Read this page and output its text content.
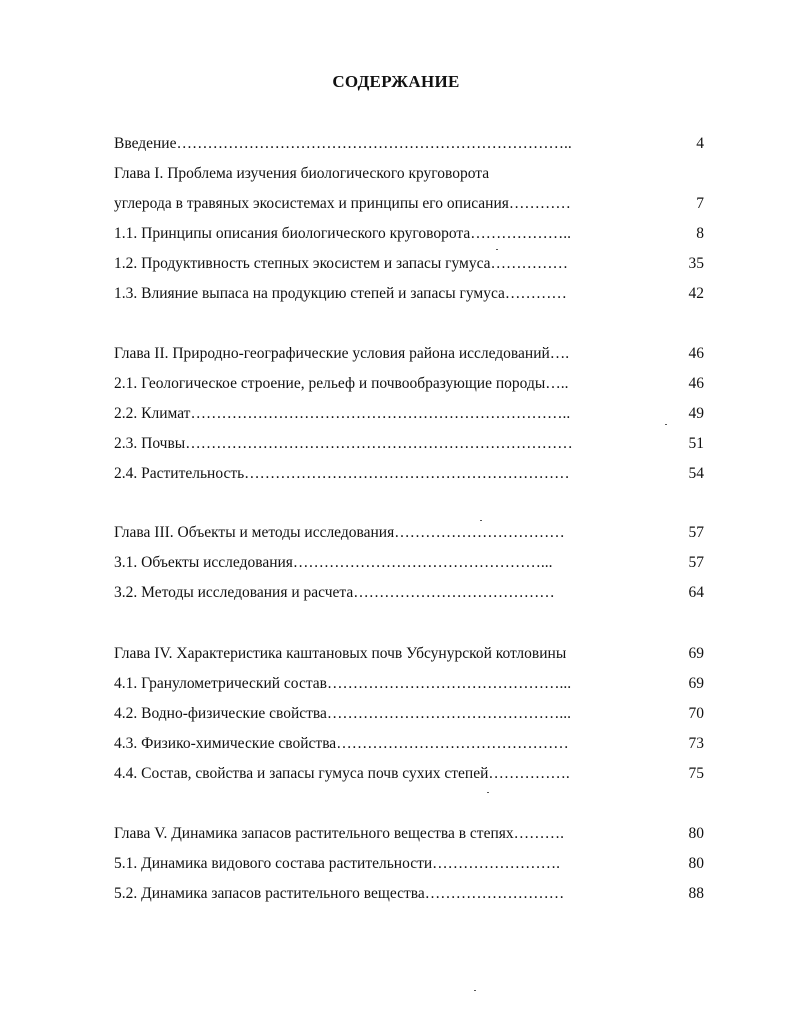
СОДЕРЖАНИЕ
Введение…………………………………………………………………..	4
Глава I. Проблема изучения биологического круговорота
углерода в травяных экосистемах и принципы его описания…………	7
1.1. Принципы описания биологического круговорота………………..	8
1.2. Продуктивность степных экосистем и запасы гумуса……………	35
1.3. Влияние выпаса на продукцию степей и запасы гумуса…………	42
Глава II. Природно-географические условия района исследований….	46
2.1. Геологическое строение, рельеф и почвообразующие породы…..	46
2.2. Климат………………………………………………………………..	49
2.3. Почвы…………………………………………………………………	51
2.4. Растительность………………………………………………………	54
Глава III. Объекты и методы исследования……………………………	57
3.1. Объекты исследования…………………………………………...	57
3.2. Методы исследования и расчета…………………………………	64
Глава IV. Характеристика каштановых почв Убсунурской котловины	69
4.1. Гранулометрический состав………………………………………...	69
4.2. Водно-физические свойства………………………………………...	70
4.3. Физико-химические свойства………………………………………	73
4.4. Состав, свойства и запасы гумуса почв сухих степей…………….	75
Глава V. Динамика запасов растительного вещества в степях……….	80
5.1. Динамика видового состава растительности…………………….	80
5.2. Динамика запасов растительного вещества………………………	88
